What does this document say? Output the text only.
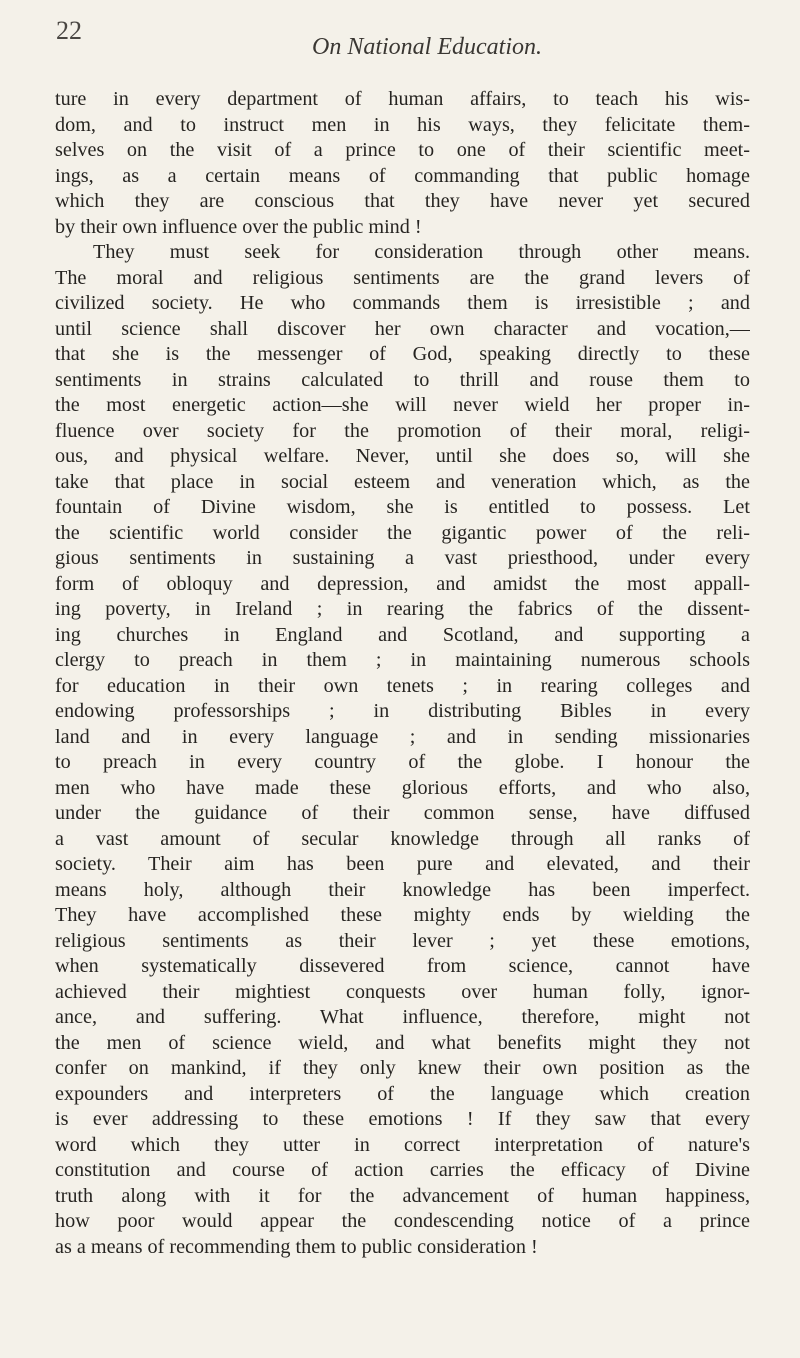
22
On National Education.
ture in every department of human affairs, to teach his wis-
dom, and to instruct men in his ways, they felicitate them-
selves on the visit of a prince to one of their scientific meet-
ings, as a certain means of commanding that public homage
which they are conscious that they have never yet secured
by their own influence over the public mind !
They must seek for consideration through other means.
The moral and religious sentiments are the grand levers of
civilized society. He who commands them is irresistible ; and
until science shall discover her own character and vocation,—
that she is the messenger of God, speaking directly to these
sentiments in strains calculated to thrill and rouse them to
the most energetic action—she will never wield her proper in-
fluence over society for the promotion of their moral, religi-
ous, and physical welfare. Never, until she does so, will she
take that place in social esteem and veneration which, as the
fountain of Divine wisdom, she is entitled to possess. Let
the scientific world consider the gigantic power of the reli-
gious sentiments in sustaining a vast priesthood, under every
form of obloquy and depression, and amidst the most appall-
ing poverty, in Ireland ; in rearing the fabrics of the dissent-
ing churches in England and Scotland, and supporting a
clergy to preach in them ; in maintaining numerous schools
for education in their own tenets ; in rearing colleges and
endowing professorships ; in distributing Bibles in every
land and in every language ; and in sending missionaries
to preach in every country of the globe. I honour the
men who have made these glorious efforts, and who also,
under the guidance of their common sense, have diffused
a vast amount of secular knowledge through all ranks of
society. Their aim has been pure and elevated, and their
means holy, although their knowledge has been imperfect.
They have accomplished these mighty ends by wielding the
religious sentiments as their lever ; yet these emotions,
when systematically dissevered from science, cannot have
achieved their mightiest conquests over human folly, ignor-
ance, and suffering. What influence, therefore, might not
the men of science wield, and what benefits might they not
confer on mankind, if they only knew their own position as the
expounders and interpreters of the language which creation
is ever addressing to these emotions ! If they saw that every
word which they utter in correct interpretation of nature's
constitution and course of action carries the efficacy of Divine
truth along with it for the advancement of human happiness,
how poor would appear the condescending notice of a prince
as a means of recommending them to public consideration !
